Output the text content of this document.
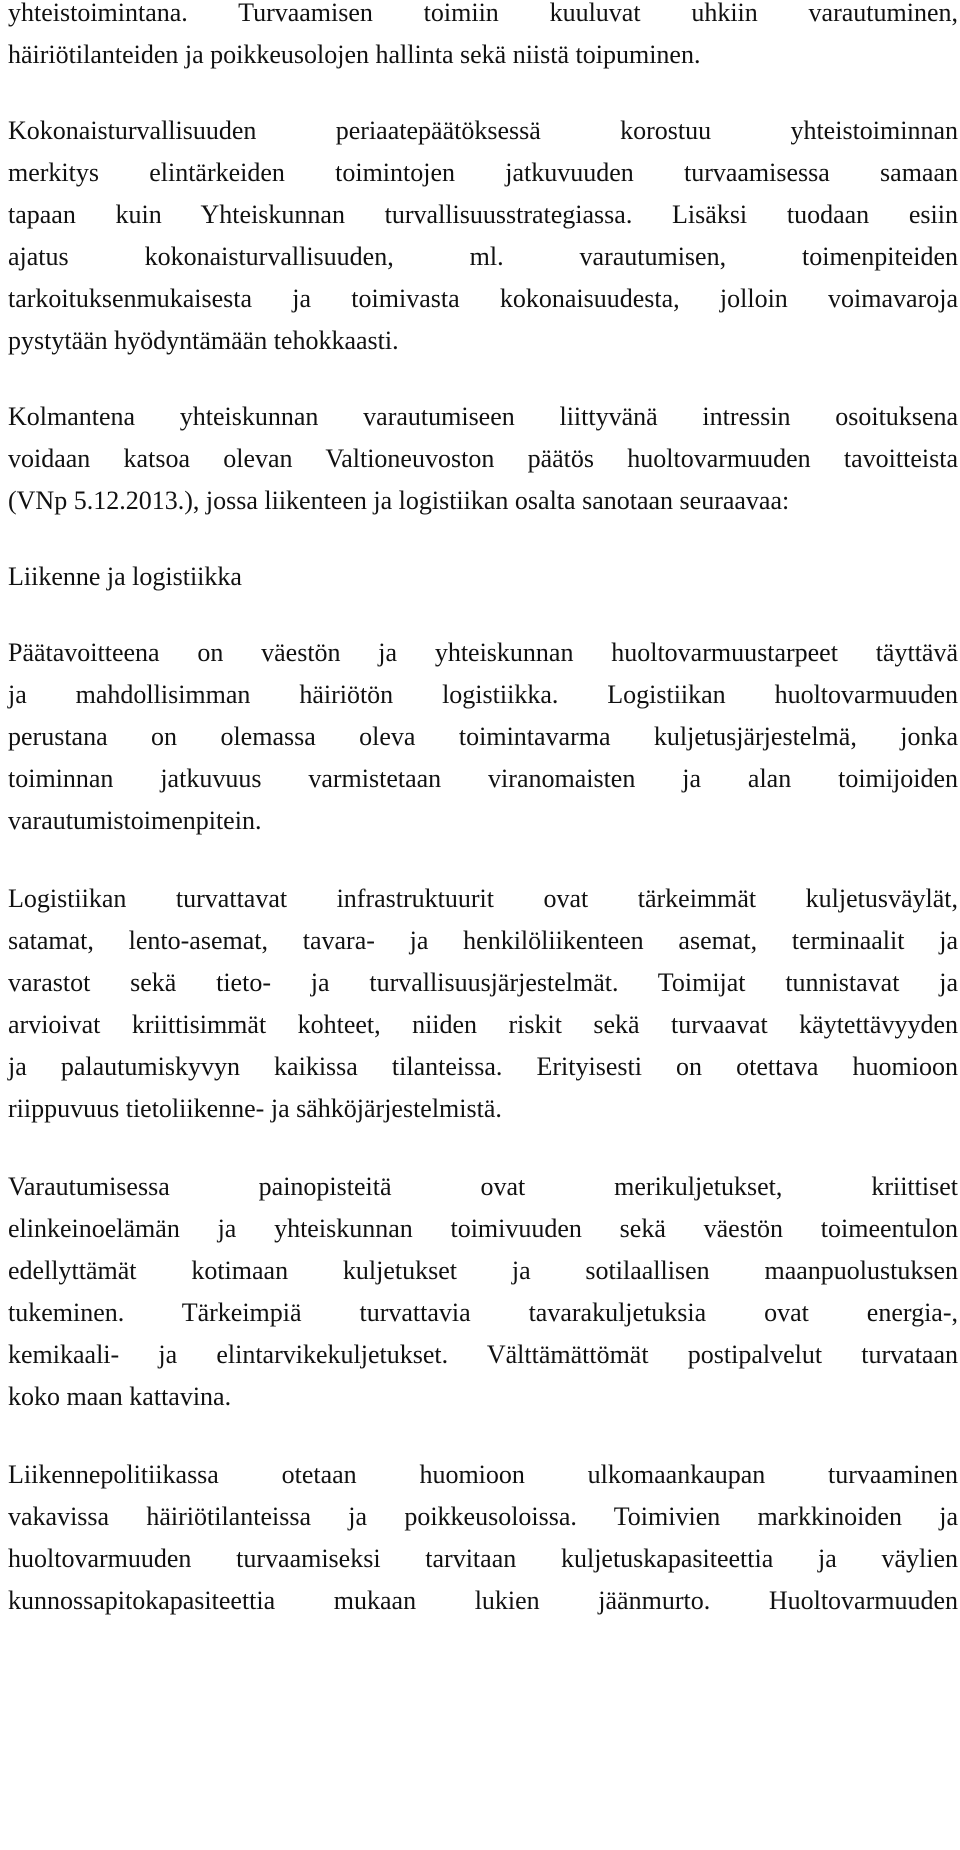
yhteistoimintana. Turvaamisen toimiin kuuluvat uhkiin varautuminen,
häiriötilanteiden ja poikkeusolojen hallinta sekä niistä toipuminen.
Kokonaisturvallisuuden periaatepäätöksessä korostuu yhteistoiminnan
merkitys elintärkeiden toimintojen jatkuvuuden turvaamisessa samaan
tapaan kuin Yhteiskunnan turvallisuusstrategiassa. Lisäksi tuodaan esiin
ajatus kokonaisturvallisuuden, ml. varautumisen, toimenpiteiden
tarkoituksenmukaisesta ja toimivasta kokonaisuudesta, jolloin voimavaroja
pystytään hyödyntämään tehokkaasti.
Kolmantena yhteiskunnan varautumiseen liittyvänä intressin osoituksena
voidaan katsoa olevan Valtioneuvoston päätös huoltovarmuuden tavoitteista
(VNp 5.12.2013.), jossa liikenteen ja logistiikan osalta sanotaan seuraavaa:
Liikenne ja logistiikka
Päätavoitteena on väestön ja yhteiskunnan huoltovarmuustarpeet täyttävä
ja mahdollisimman häiriötön logistiikka. Logistiikan huoltovarmuuden
perustana on olemassa oleva toimintavarma kuljetusjärjestelmä, jonka
toiminnan jatkuvuus varmistetaan viranomaisten ja alan toimijoiden
varautumistoimenpitein.
Logistiikan turvattavat infrastruktuurit ovat tärkeimmät kuljetusväylät,
satamat, lento-asemat, tavara- ja henkilöliikenteen asemat, terminaalit ja
varastot sekä tieto- ja turvallisuusjärjestelmät. Toimijat tunnistavat ja
arvioivat kriittisimmät kohteet, niiden riskit sekä turvaavat käytettävyyden
ja palautumiskyvyn kaikissa tilanteissa. Erityisesti on otettava huomioon
riippuvuus tietoliikenne- ja sähköjärjestelmistä.
Varautumisessa painopisteitä ovat merikuljetukset, kriittiset
elinkeinoelämän ja yhteiskunnan toimivuuden sekä väestön toimeentulon
edellyttämät kotimaan kuljetukset ja sotilaallisen maanpuolustuksen
tukeminen. Tärkeimpiä turvattavia tavarakuljetuksia ovat energia-,
kemikaali- ja elintarvikekuljetukset. Välttämättömät postipalvelut turvataan
koko maan kattavina.
Liikennepolitiikassa otetaan huomioon ulkomaankaupan turvaaminen
vakavissa häiriötilanteissa ja poikkeusoloissa. Toimivien markkinoiden ja
huoltovarmuuden turvaamiseksi tarvitaan kuljetuskapasiteettia ja väylien
kunnossapitokapasiteettia mukaan lukien jäänmurto. Huoltovarmuuden
